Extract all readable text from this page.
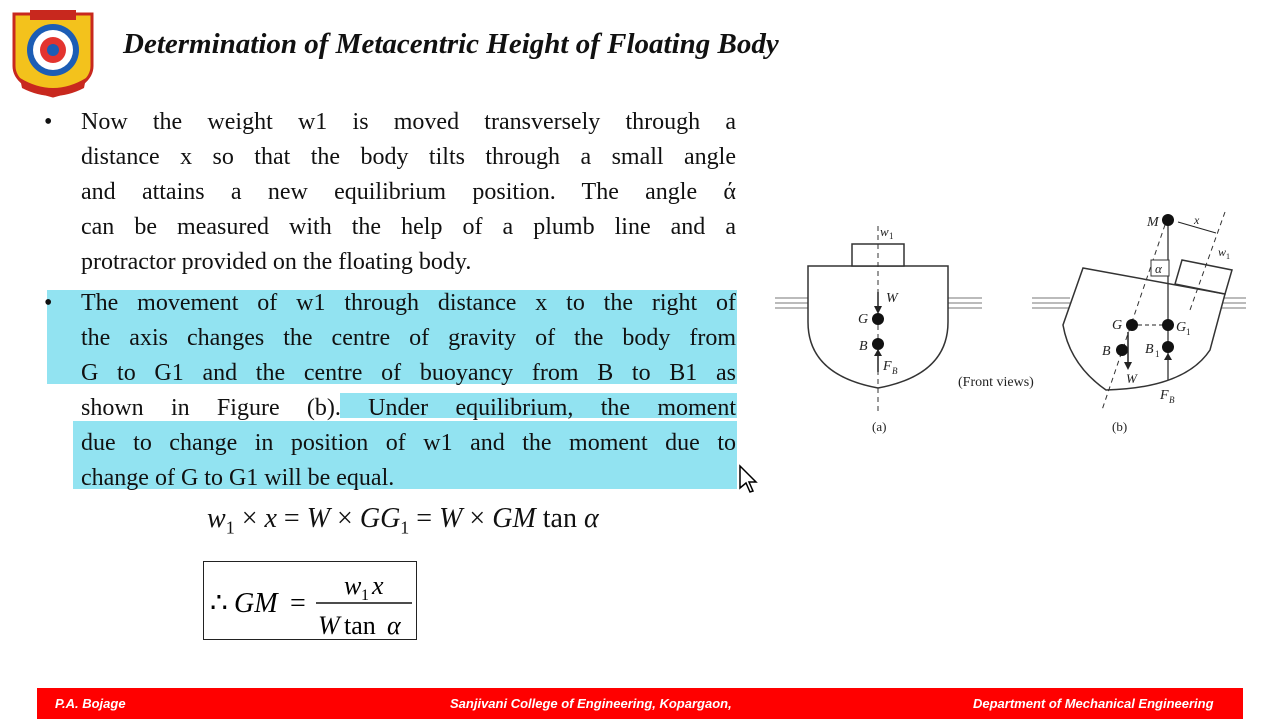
Determination of Metacentric Height of Floating Body
•	Now the weight w1 is moved transversely through a
distance x so that the body tilts through a small angle
and attains a new equilibrium position. The angle ά
can be measured with the help of a plumb line and a
protractor provided on the floating body.
•	The movement of w1 through distance x to the right of
the axis changes the centre of gravity of the body from
G to G1 and the centre of buoyancy from B to B1 as
shown in Figure (b). Under equilibrium, the moment
due to change in position of w1 and the moment due to
change of G to G1 will be equal.
$w_1 \times x = W \times GG_1 = W$ × GM tan α
∴ GM =
w 1 x
W tan α
w 1
W
G
B
F B
(a)
(Front views)
M	x
w 1
α
G	G 1
B B 1
W
F B
(b)
P.A. Bojage	Sanjivani College of Engineering, Kopargaon,	Department of Mechanical Engineering
